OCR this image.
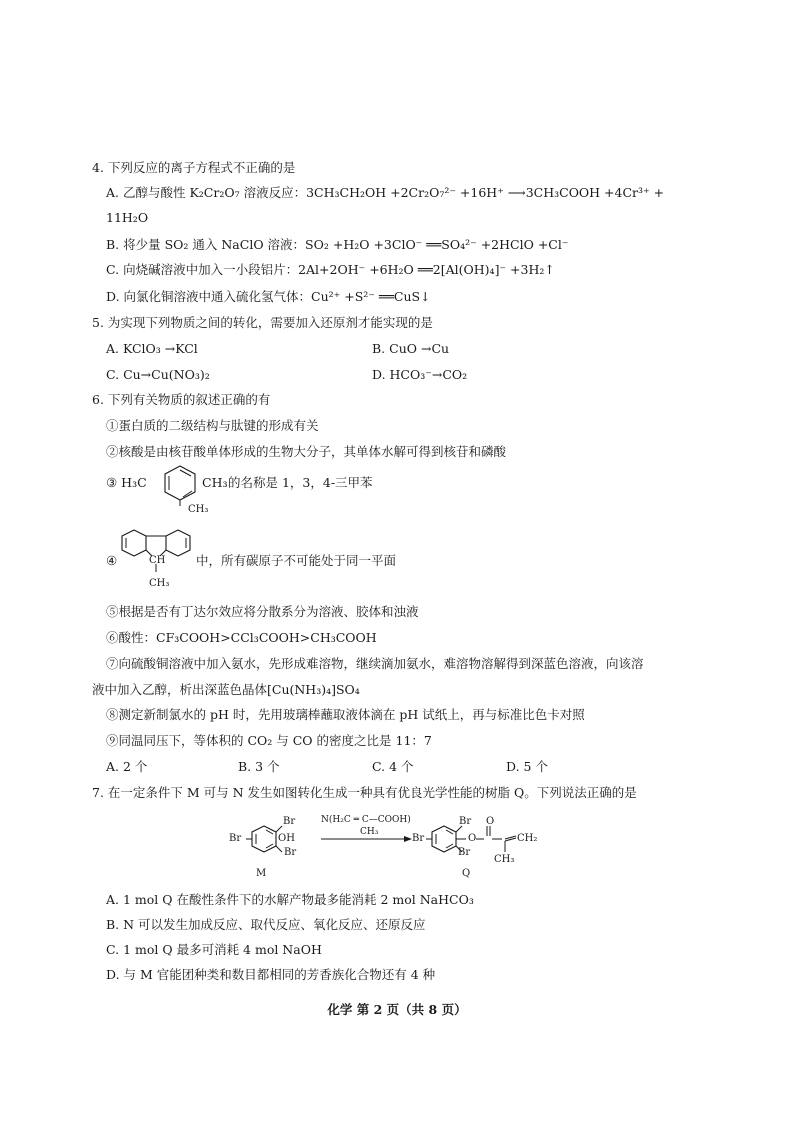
4. 下列反应的离子方程式不正确的是
A. 乙醇与酸性 K₂Cr₂O₇ 溶液反应：3CH₃CH₂OH +2Cr₂O₇²⁻ +16H⁺ ⟶3CH₃COOH +4Cr³⁺ +
11H₂O
B. 将少量 SO₂ 通入 NaClO 溶液：SO₂ +H₂O +3ClO⁻ ══SO₄²⁻ +2HClO +Cl⁻
C. 向烧碱溶液中加入一小段铝片：2Al+2OH⁻ +6H₂O ══2[Al(OH)₄]⁻ +3H₂↑
D. 向氯化铜溶液中通入硫化氢气体：Cu²⁺ +S²⁻ ══CuS↓
5. 为实现下列物质之间的转化，需要加入还原剂才能实现的是
A. KClO₃ →KCl	B. CuO →Cu
C. Cu→Cu(NO₃)₂	D. HCO₃⁻→CO₂
6. 下列有关物质的叙述正确的有
①蛋白质的二级结构与肽键的形成有关
②核酸是由核苷酸单体形成的生物大分子，其单体水解可得到核苷和磷酸
③ H₃C	CH₃
CH₃
的名称是 1，3，4-三甲苯
④	CH
CH₃
中，所有碳原子不可能处于同一平面
⑤根据是否有丁达尔效应将分散系分为溶液、胶体和浊液
⑥酸性：CF₃COOH>CCl₃COOH>CH₃COOH
⑦向硫酸铜溶液中加入氨水，先形成难溶物，继续滴加氨水，难溶物溶解得到深蓝色溶液，向该溶
液中加入乙醇，析出深蓝色晶体[Cu(NH₃)₄]SO₄
⑧测定新制氯水的 pH 时，先用玻璃棒蘸取液体滴在 pH 试纸上，再与标准比色卡对照
⑨同温同压下，等体积的 CO₂ 与 CO 的密度之比是 11：7
A. 2 个	B. 3 个	C. 4 个	D. 5 个
7. 在一定条件下 M 可与 N 发生如图转化生成一种具有优良光学性能的树脂 Q。下列说法正确的是
Br
Br
Br
OH
M
N(H₂C ═ C—COOH)
CH₃
Br
Br
Br
O
O
CH₂
CH₃
Q
A. 1 mol Q 在酸性条件下的水解产物最多能消耗 2 mol NaHCO₃
B. N 可以发生加成反应、取代反应、氧化反应、还原反应
C. 1 mol Q 最多可消耗 4 mol NaOH
D. 与 M 官能团种类和数目都相同的芳香族化合物还有 4 种
化学 第 2 页（共 8 页）
